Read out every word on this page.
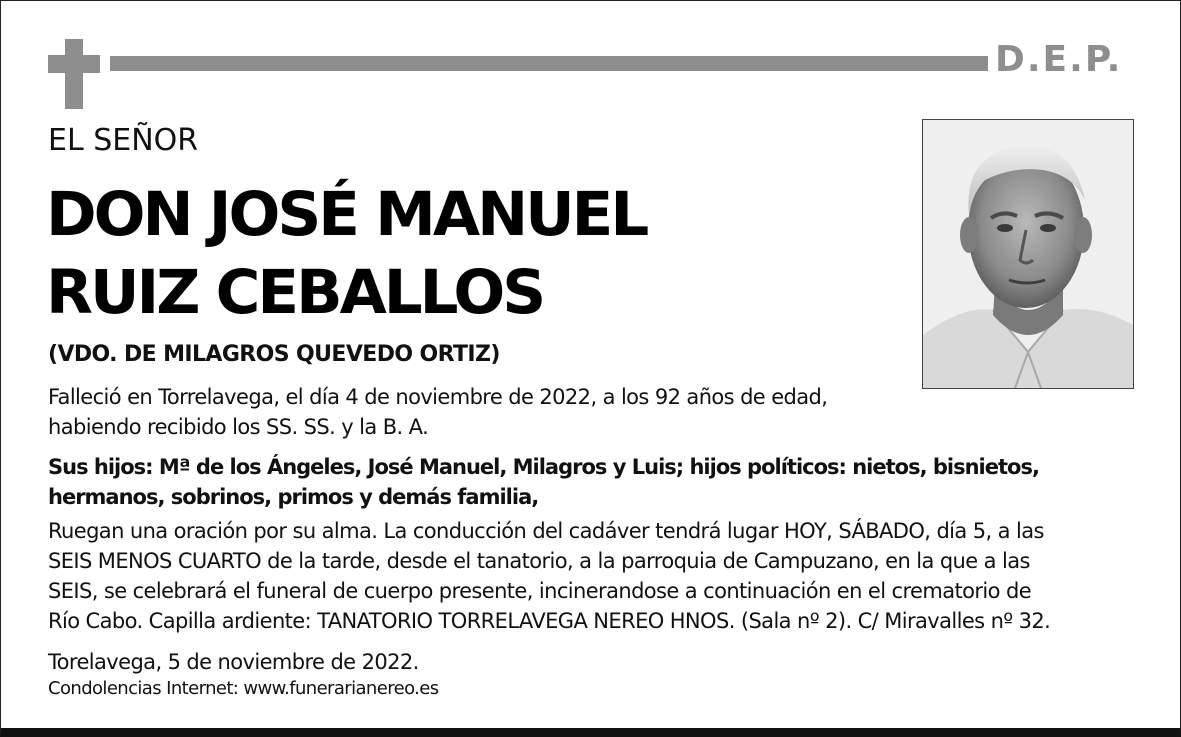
D.E.P.
EL SEÑOR
DON JOSÉ MANUEL
RUIZ CEBALLOS
(VDO. DE MILAGROS QUEVEDO ORTIZ)
Falleció en Torrelavega, el día 4 de noviembre de 2022, a los 92 años de edad,
habiendo recibido los SS. SS. y la B. A.
Sus hijos: Mª de los Ángeles, José Manuel, Milagros y Luis; hijos políticos: nietos, bisnietos,
hermanos, sobrinos, primos y demás familia,
Ruegan una oración por su alma. La conducción del cadáver tendrá lugar HOY, SÁBADO, día 5, a las
SEIS MENOS CUARTO de la tarde, desde el tanatorio, a la parroquia de Campuzano, en la que a las
SEIS, se celebrará el funeral de cuerpo presente, incinerandose a continuación en el crematorio de
Río Cabo. Capilla ardiente: TANATORIO TORRELAVEGA NEREO HNOS. (Sala nº 2). C/ Miravalles nº 32.
Torelavega, 5 de noviembre de 2022.
Condolencias Internet: www.funerarianereo.es
